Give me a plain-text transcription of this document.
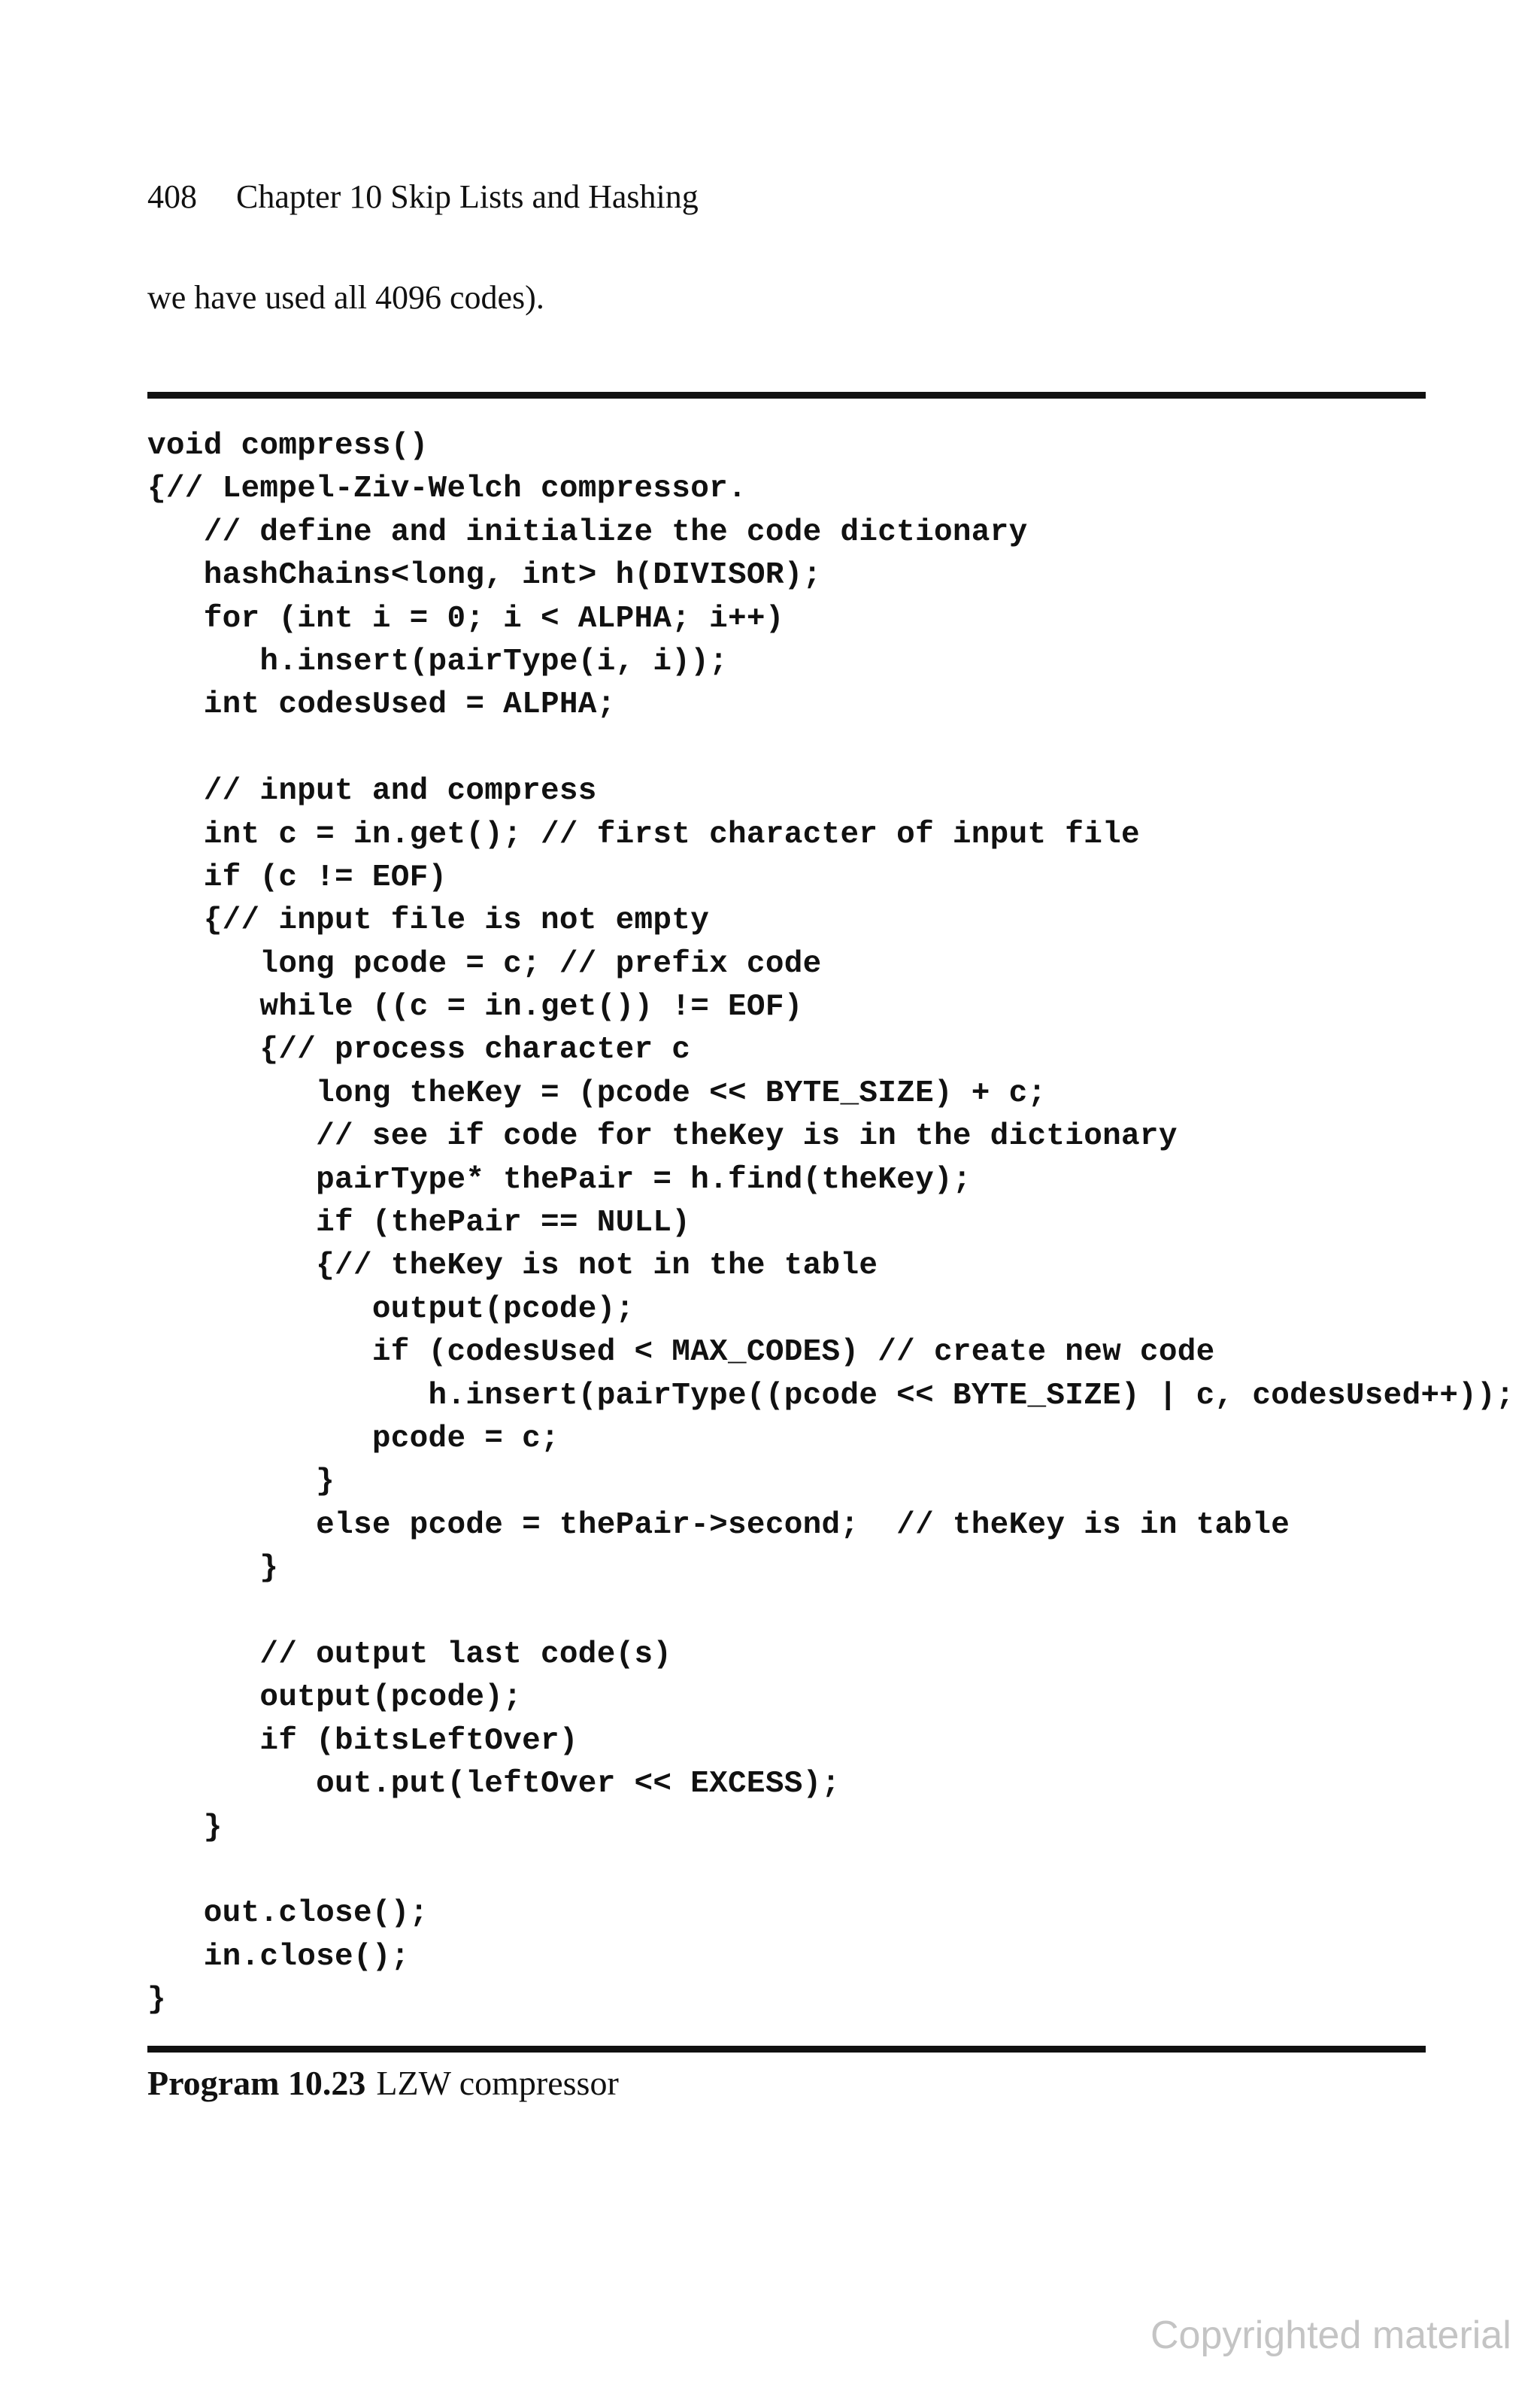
408 Chapter 10 Skip Lists and Hashing
we have used all 4096 codes).
void compress()
{// Lempel-Ziv-Welch compressor.
// define and initialize the code dictionary
hashChains<long, int> h(DIVISOR);
for (int i = 0; i < ALPHA; i++)
h.insert(pairType(i, i));
int codesUsed = ALPHA;
// input and compress
int c = in.get(); // first character of input file
if (c != EOF)
{// input file is not empty
long pcode = c; // prefix code
while ((c = in.get()) != EOF)
{// process character c
long theKey = (pcode << BYTE_SIZE) + c;
// see if code for theKey is in the dictionary
pairType* thePair = h.find(theKey);
if (thePair == NULL)
{// theKey is not in the table
output(pcode);
if (codesUsed < MAX_CODES) // create new code
h.insert(pairType((pcode << BYTE_SIZE) | c, codesUsed++));
pcode = c;
}
else pcode = thePair->second;  // theKey is in table
}
// output last code(s)
output(pcode);
if (bitsLeftOver)
out.put(leftOver << EXCESS);
}
out.close();
in.close();
}
Program 10.23 LZW compressor
Copyrighted material
